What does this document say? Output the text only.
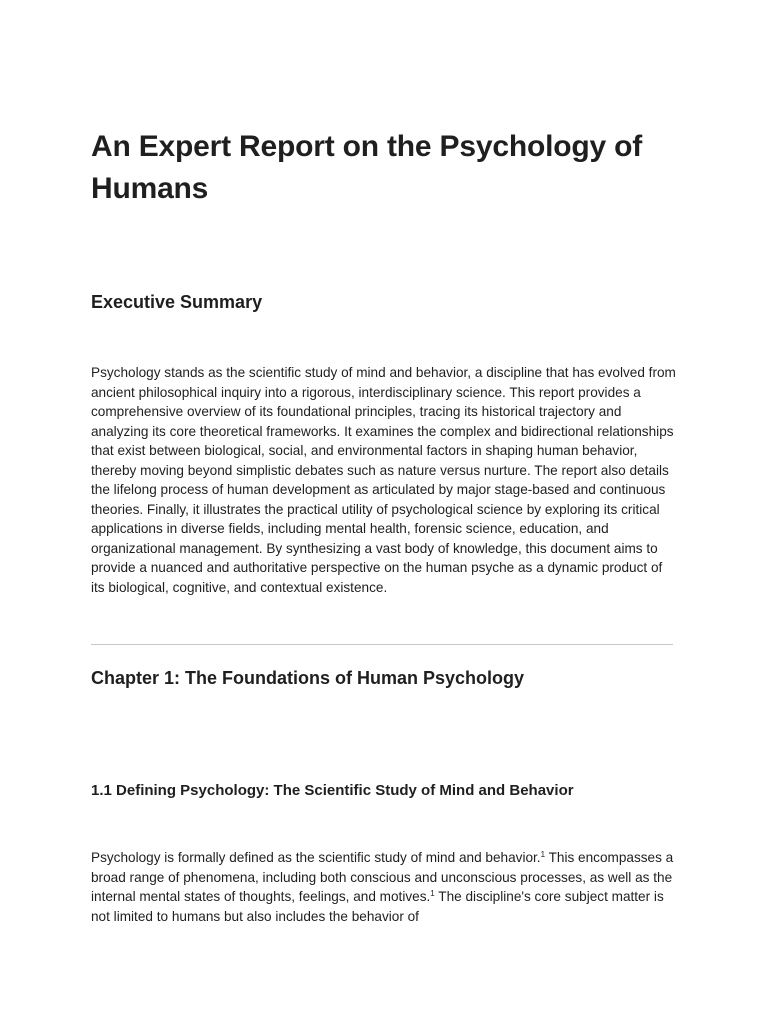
An Expert Report on the Psychology of Humans
Executive Summary

Psychology stands as the scientific study of mind and behavior, a discipline that has evolved from ancient philosophical inquiry into a rigorous, interdisciplinary science. This report provides a comprehensive overview of its foundational principles, tracing its historical trajectory and analyzing its core theoretical frameworks. It examines the complex and bidirectional relationships that exist between biological, social, and environmental factors in shaping human behavior, thereby moving beyond simplistic debates such as nature versus nurture. The report also details the lifelong process of human development as articulated by major stage-based and continuous theories. Finally, it illustrates the practical utility of psychological science by exploring its critical applications in diverse fields, including mental health, forensic science, education, and organizational management. By synthesizing a vast body of knowledge, this document aims to provide a nuanced and authoritative perspective on the human psyche as a dynamic product of its biological, cognitive, and contextual existence.

Chapter 1: The Foundations of Human Psychology
1.1 Defining Psychology: The Scientific Study of Mind and Behavior

Psychology is formally defined as the scientific study of mind and behavior.$^1$ This encompasses a broad range of phenomena, including both conscious and unconscious processes, as well as the internal mental states of thoughts, feelings, and motives.$^1$ The discipline's core subject matter is not limited to humans but also includes the behavior of
